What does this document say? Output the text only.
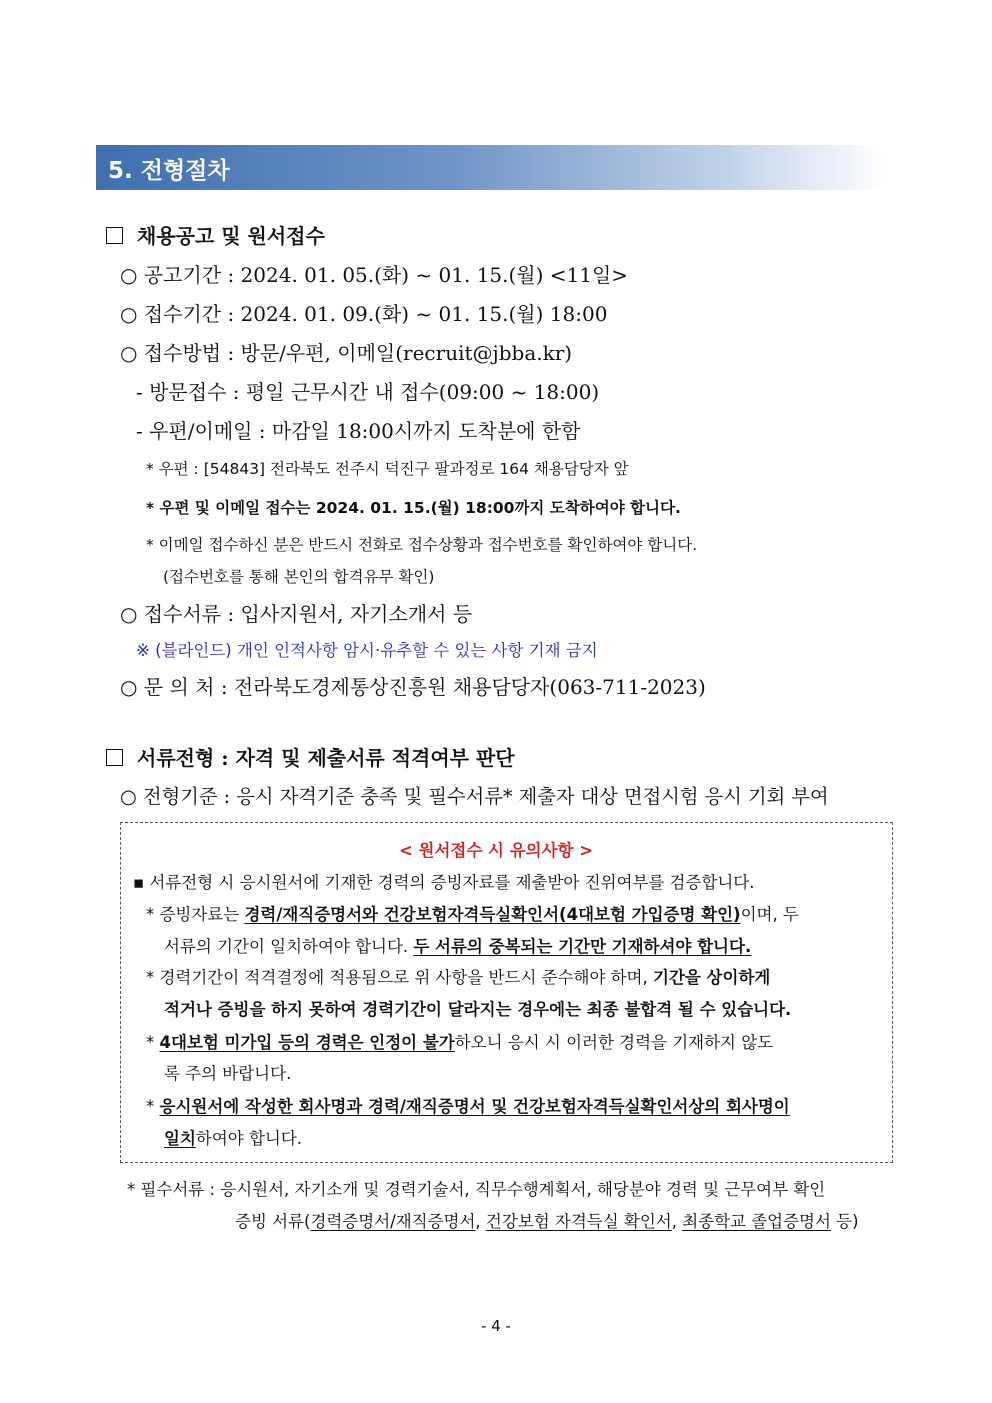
5. 전형절차
채용공고 및 원서접수
○ 공고기간 : 2024. 01. 05.(화) ~ 01. 15.(월) <11일>
○ 접수기간 : 2024. 01. 09.(화) ~ 01. 15.(월) 18:00
○ 접수방법 : 방문/우편, 이메일(recruit@jbba.kr)
- 방문접수 : 평일 근무시간 내 접수(09:00 ~ 18:00)
- 우편/이메일 : 마감일 18:00시까지 도착분에 한함
* 우편 : [54843] 전라북도 전주시 덕진구 팔과정로 164 채용담당자 앞
* 우편 및 이메일 접수는 2024. 01. 15.(월) 18:00까지 도착하여야 합니다.
* 이메일 접수하신 분은 반드시 전화로 접수상황과 접수번호를 확인하여야 합니다.
(접수번호를 통해 본인의 합격유무 확인)
○ 접수서류 : 입사지원서, 자기소개서 등
※ (블라인드) 개인 인적사항 암시·유추할 수 있는 사항 기재 금지
○ 문 의 처 : 전라북도경제통상진흥원 채용담당자(063-711-2023)
서류전형 : 자격 및 제출서류 적격여부 판단
○ 전형기준 : 응시 자격기준 충족 및 필수서류* 제출자 대상 면접시험 응시 기회 부여
< 원서접수 시 유의사항 >
▪ 서류전형 시 응시원서에 기재한 경력의 증빙자료를 제출받아 진위여부를 검증합니다.
* 증빙자료는 경력/재직증명서와 건강보험자격득실확인서(4대보험 가입증명 확인)이며, 두
서류의 기간이 일치하여야 합니다. 두 서류의 중복되는 기간만 기재하셔야 합니다.
* 경력기간이 적격결정에 적용됨으로 위 사항을 반드시 준수해야 하며, 기간을 상이하게
적거나 증빙을 하지 못하여 경력기간이 달라지는 경우에는 최종 불합격 될 수 있습니다.
* 4대보험 미가입 등의 경력은 인정이 불가하오니 응시 시 이러한 경력을 기재하지 않도
록 주의 바랍니다.
* 응시원서에 작성한 회사명과 경력/재직증명서 및 건강보험자격득실확인서상의 회사명이
일치하여야 합니다.
* 필수서류 : 응시원서, 자기소개 및 경력기술서, 직무수행계획서, 해당분야 경력 및 근무여부 확인
증빙 서류(경력증명서/재직증명서, 건강보험 자격득실 확인서, 최종학교 졸업증명서 등)
- 4 -
